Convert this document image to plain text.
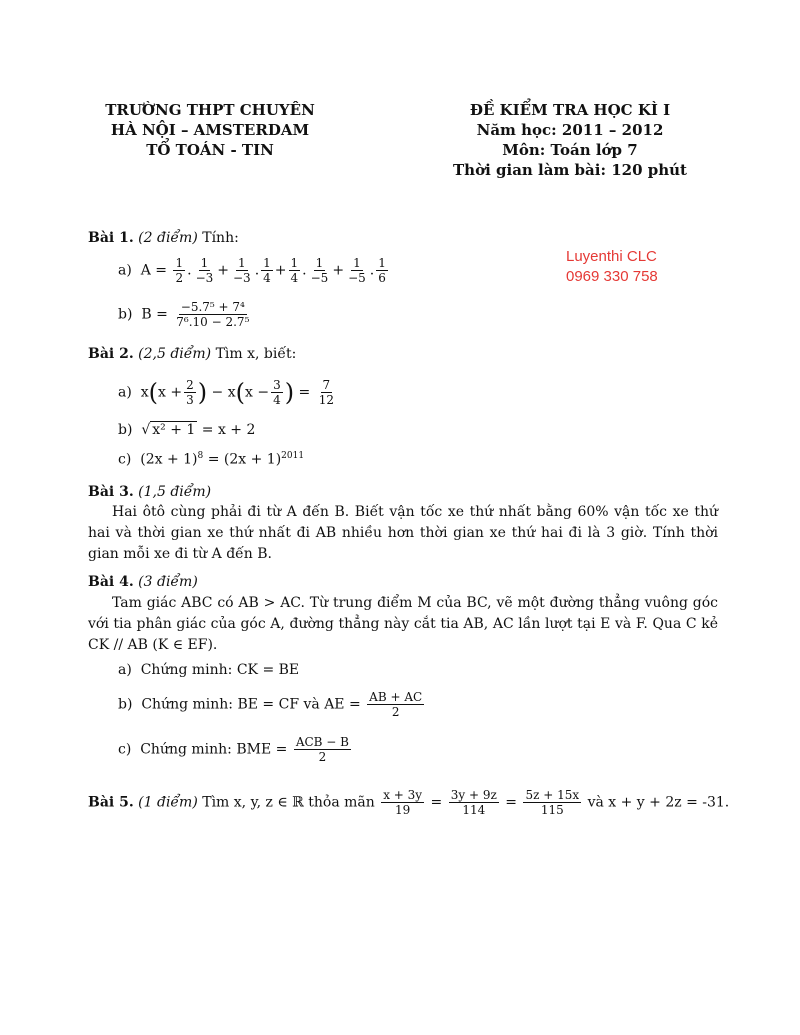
TRƯỜNG THPT CHUYÊN
HÀ NỘI – AMSTERDAM
TỔ TOÁN - TIN
ĐỀ KIỂM TRA HỌC KÌ I
Năm học: 2011 – 2012
Môn: Toán lớp 7
Thời gian làm bài: 120 phút
Luyenthi CLC
0969 330 758
Bài 1. (2 điểm) Tính:
a) $A = \frac{1}{2}$ . $\frac{1}{-3} + \frac{1}{-3}$ . $\frac{1}{4} + \frac{1}{4}$ . $\frac{1}{-5} + \frac{1}{-5}$ . $\frac{1}{6}$
b) $B = \frac{\text{−5.7⁵ + 7⁴}}{\text{7⁶.10 − 2.7⁵}}$
Bài 2. (2,5 điểm) Tìm x, biết:
a) $x(x + \frac{2}{3}$ ) − $x(x - \frac{3}{4}$ ) = $\frac{7}{12}$
b)  √ x² + 1 = x + 2
c)  $(2x + 1)^8 = (2x + 1)^{2011}$
Bài 3. (1,5 điểm)

Hai ôtô cùng phải đi từ A đến B. Biết vận tốc xe thứ nhất bằng 60% vận tốc xe thứ hai và thời gian xe thứ nhất đi AB nhiều hơn thời gian xe thứ hai đi là 3 giờ. Tính thời gian mỗi xe đi từ A đến B.

Bài 4. (3 điểm)

Tam giác ABC có AB > AC. Từ trung điểm M của BC, vẽ một đường thẳng vuông góc với tia phân giác của góc A, đường thẳng này cắt tia AB, AC lần lượt tại E và F. Qua C kẻ CK // AB (K ∈ EF).

a) Chứng minh: CK = BE
b) Chứng minh: BE = CF và AE = $\frac{AB + AC}{2}$
c) Chứng minh: BME = $\frac{\text{ACB − B}}{2}$
Bài 5. (1 điểm) Tìm x, y, z ∈ ℝ thỏa mãn $\frac{x + 3y}{19} = \frac{3y + 9z}{114} = \frac{5z + 15x}{115}$ và x + y + 2z = -31.
